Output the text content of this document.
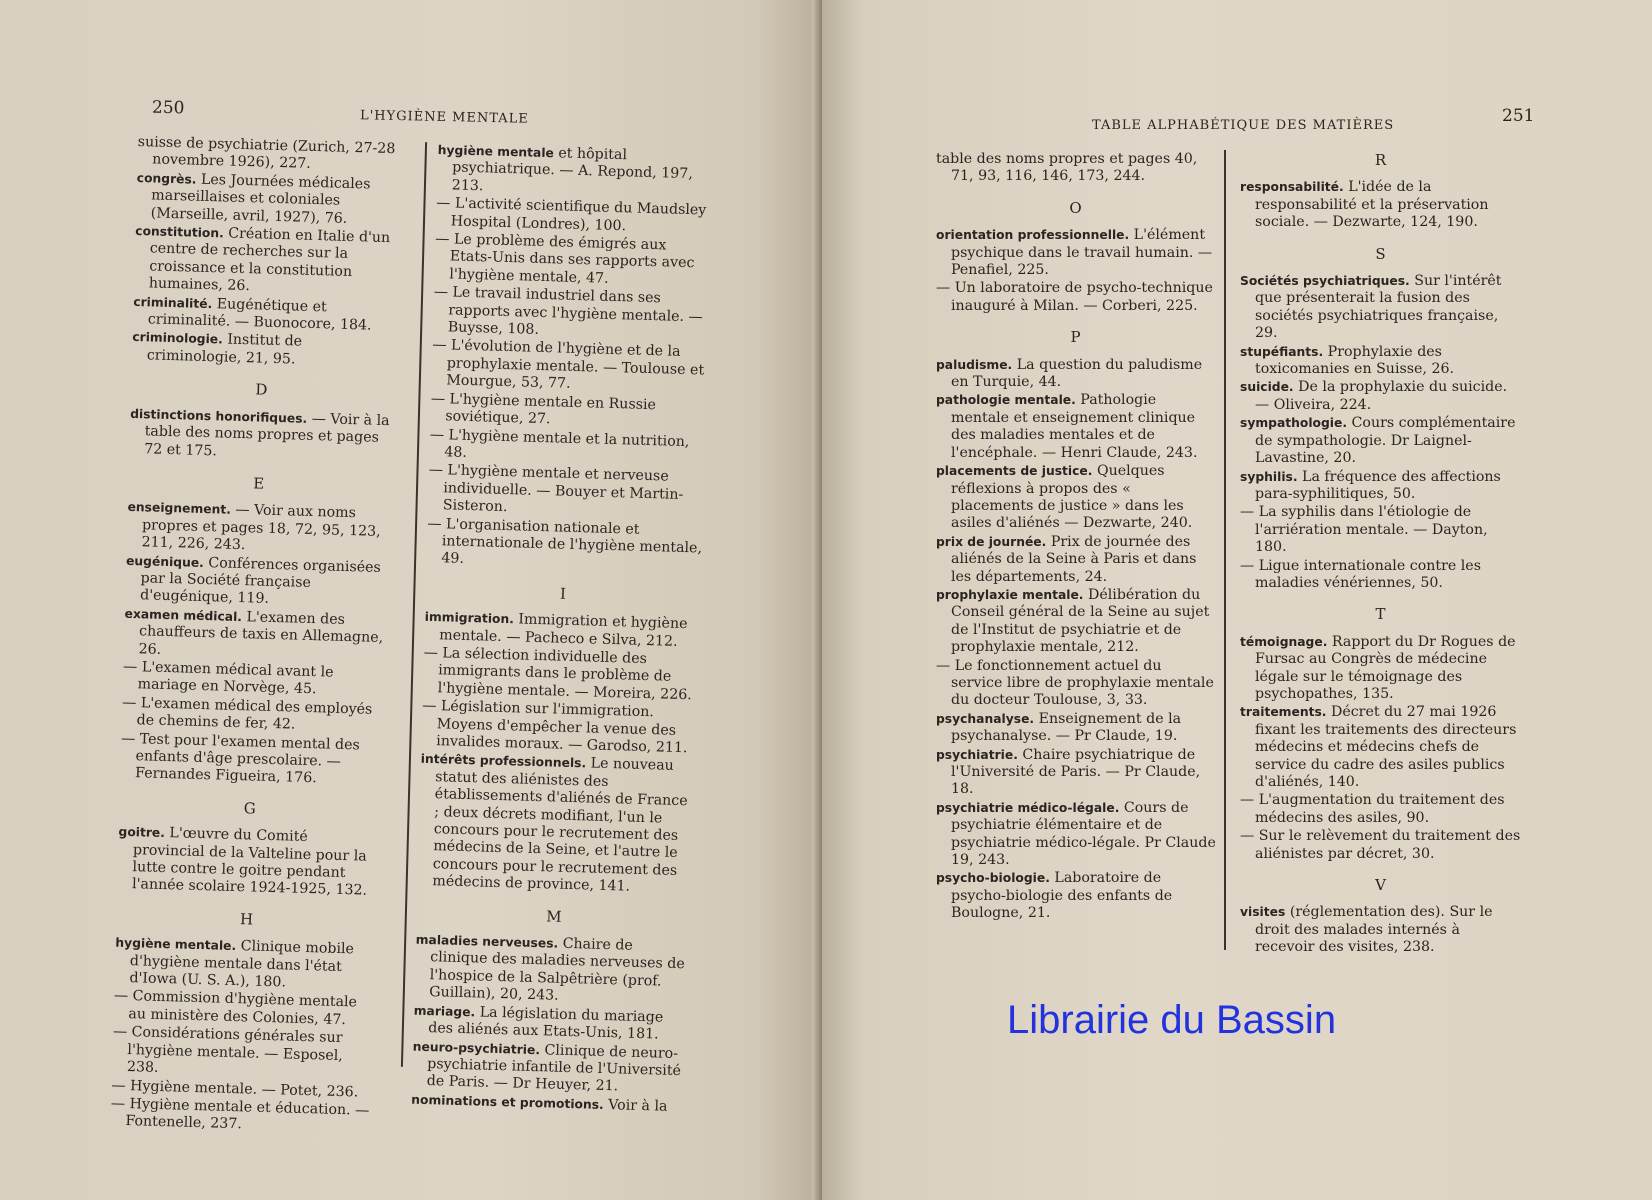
250	L'HYGIÈNE MENTALE
suisse de psychiatrie (Zurich, 27-28 novembre 1926), 227.
congrès. Les Journées médicales marseillaises et coloniales (Marseille, avril, 1927), 76.
constitution. Création en Italie d'un centre de recherches sur la croissance et la constitution humaines, 26.
criminalité. Eugénétique et criminalité. — Buonocore, 184.
criminologie. Institut de criminologie, 21, 95.
D
distinctions honorifiques. — Voir à la table des noms propres et pages 72 et 175.
E
enseignement. — Voir aux noms propres et pages 18, 72, 95, 123, 211, 226, 243.
eugénique. Conférences organisées par la Société française d'eugénique, 119.
examen médical. L'examen des chauffeurs de taxis en Allemagne, 26.
— L'examen médical avant le mariage en Norvège, 45.
— L'examen médical des employés de chemins de fer, 42.
— Test pour l'examen mental des enfants d'âge prescolaire. — Fernandes Figueira, 176.
G
goitre. L'œuvre du Comité provincial de la Valteline pour la lutte contre le goitre pendant l'année scolaire 1924-1925, 132.
H
hygiène mentale. Clinique mobile d'hygiène mentale dans l'état d'Iowa (U. S. A.), 180.
— Commission d'hygiène mentale au ministère des Colonies, 47.
— Considérations générales sur l'hygiène mentale. — Esposel, 238.
— Hygiène mentale. — Potet, 236.
— Hygiène mentale et éducation. — Fontenelle, 237.
hygiène mentale et hôpital psychiatrique. — A. Repond, 197, 213.
— L'activité scientifique du Maudsley Hospital (Londres), 100.
— Le problème des émigrés aux Etats-Unis dans ses rapports avec l'hygiène mentale, 47.
— Le travail industriel dans ses rapports avec l'hygiène mentale. — Buysse, 108.
— L'évolution de l'hygiène et de la prophylaxie mentale. — Toulouse et Mourgue, 53, 77.
— L'hygiène mentale en Russie soviétique, 27.
— L'hygiène mentale et la nutrition, 48.
— L'hygiène mentale et nerveuse individuelle. — Bouyer et Martin-Sisteron.
— L'organisation nationale et internationale de l'hygiène mentale, 49.
I
immigration. Immigration et hygiène mentale. — Pacheco e Silva, 212.
— La sélection individuelle des immigrants dans le problème de l'hygiène mentale. — Moreira, 226.
— Législation sur l'immigration. Moyens d'empêcher la venue des invalides moraux. — Garodso, 211.
intérêts professionnels. Le nouveau statut des aliénistes des établissements d'aliénés de France ; deux décrets modifiant, l'un le concours pour le recrutement des médecins de la Seine, et l'autre le concours pour le recrutement des médecins de province, 141.
M
maladies nerveuses. Chaire de clinique des maladies nerveuses de l'hospice de la Salpêtrière (prof. Guillain), 20, 243.
mariage. La législation du mariage des aliénés aux Etats-Unis, 181.
neuro-psychiatrie. Clinique de neuro-psychiatrie infantile de l'Université de Paris. — Dr Heuyer, 21.
nominations et promotions. Voir à la
TABLE ALPHABÉTIQUE DES MATIÈRES	251
table des noms propres et pages 40, 71, 93, 116, 146, 173, 244.
O
orientation professionnelle. L'élément psychique dans le travail humain. — Penafiel, 225.
— Un laboratoire de psycho-technique inauguré à Milan. — Corberi, 225.
P
paludisme. La question du paludisme en Turquie, 44.
pathologie mentale. Pathologie mentale et enseignement clinique des maladies mentales et de l'encéphale. — Henri Claude, 243.
placements de justice. Quelques réflexions à propos des « placements de justice » dans les asiles d'aliénés — Dezwarte, 240.
prix de journée. Prix de journée des aliénés de la Seine à Paris et dans les départements, 24.
prophylaxie mentale. Délibération du Conseil général de la Seine au sujet de l'Institut de psychiatrie et de prophylaxie mentale, 212.
— Le fonctionnement actuel du service libre de prophylaxie mentale du docteur Toulouse, 3, 33.
psychanalyse. Enseignement de la psychanalyse. — Pr Claude, 19.
psychiatrie. Chaire psychiatrique de l'Université de Paris. — Pr Claude, 18.
psychiatrie médico-légale. Cours de psychiatrie élémentaire et de psychiatrie médico-légale. Pr Claude 19, 243.
psycho-biologie. Laboratoire de psycho-biologie des enfants de Boulogne, 21.
R
responsabilité. L'idée de la responsabilité et la préservation sociale. — Dezwarte, 124, 190.
S
Sociétés psychiatriques. Sur l'intérêt que présenterait la fusion des sociétés psychiatriques française, 29.
stupéfiants. Prophylaxie des toxicomanies en Suisse, 26.
suicide. De la prophylaxie du suicide. — Oliveira, 224.
sympathologie. Cours complémentaire de sympathologie. Dr Laignel-Lavastine, 20.
syphilis. La fréquence des affections para-syphilitiques, 50.
— La syphilis dans l'étiologie de l'arriération mentale. — Dayton, 180.
— Ligue internationale contre les maladies vénériennes, 50.
T
témoignage. Rapport du Dr Rogues de Fursac au Congrès de médecine légale sur le témoignage des psychopathes, 135.
traitements. Décret du 27 mai 1926 fixant les traitements des directeurs médecins et médecins chefs de service du cadre des asiles publics d'aliénés, 140.
— L'augmentation du traitement des médecins des asiles, 90.
— Sur le relèvement du traitement des aliénistes par décret, 30.
V
visites (réglementation des). Sur le droit des malades internés à recevoir des visites, 238.
Librairie du Bassin
